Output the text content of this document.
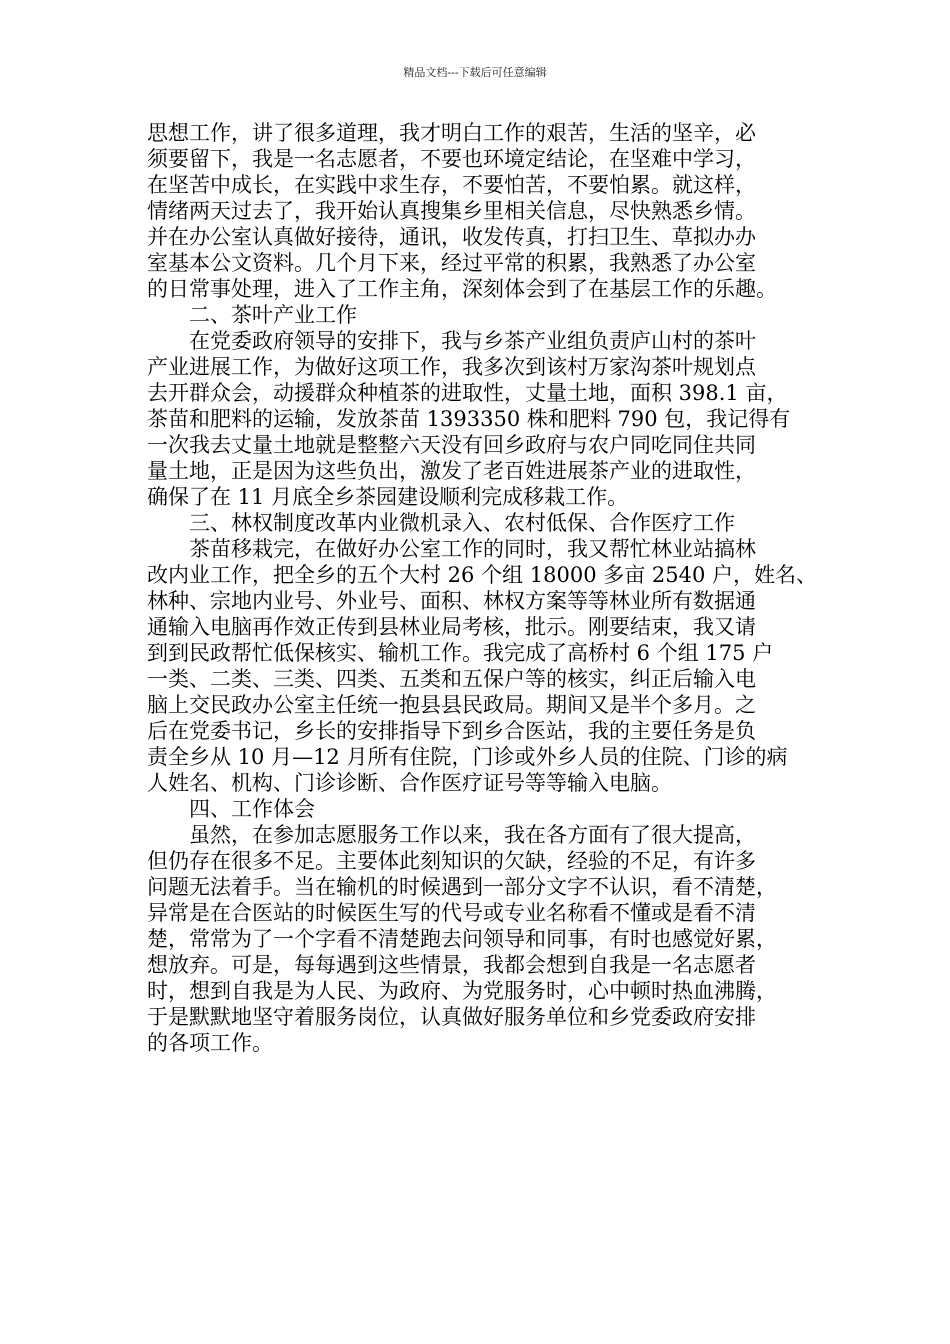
精品文档---下载后可任意编辑
思想工作，讲了很多道理，我才明白工作的艰苦，生活的坚辛，必
须要留下，我是一名志愿者，不要也环境定结论，在坚难中学习，
在坚苦中成长，在实践中求生存，不要怕苦，不要怕累。就这样，
情绪两天过去了，我开始认真搜集乡里相关信息，尽快熟悉乡情。
并在办公室认真做好接待，通讯，收发传真，打扫卫生、草拟办办
室基本公文资料。几个月下来，经过平常的积累，我熟悉了办公室
的日常事处理，进入了工作主角，深刻体会到了在基层工作的乐趣。
二、茶叶产业工作
在党委政府领导的安排下，我与乡茶产业组负责庐山村的茶叶
产业进展工作，为做好这项工作，我多次到该村万家沟茶叶规划点
去开群众会，动援群众种植茶的进取性，丈量土地，面积 398.1 亩，
茶苗和肥料的运输，发放茶苗 1393350 株和肥料 790 包，我记得有
一次我去丈量土地就是整整六天没有回乡政府与农户同吃同住共同
量土地，正是因为这些负出，激发了老百姓进展茶产业的进取性，
确保了在 11 月底全乡茶园建设顺利完成移栽工作。
三、林权制度改革内业微机录入、农村低保、合作医疗工作
茶苗移栽完，在做好办公室工作的同时，我又帮忙林业站搞林
改内业工作，把全乡的五个大村 26 个组 18000 多亩 2540 户，姓名、
林种、宗地内业号、外业号、面积、林权方案等等林业所有数据通
通输入电脑再作效正传到县林业局考核，批示。刚要结束，我又请
到到民政帮忙低保核实、输机工作。我完成了高桥村 6 个组 175 户
一类、二类、三类、四类、五类和五保户等的核实，纠正后输入电
脑上交民政办公室主任统一抱县县民政局。期间又是半个多月。之
后在党委书记，乡长的安排指导下到乡合医站，我的主要任务是负
责全乡从 10 月—12 月所有住院，门诊或外乡人员的住院、门诊的病
人姓名、机构、门诊诊断、合作医疗证号等等输入电脑。
四、工作体会
虽然，在参加志愿服务工作以来，我在各方面有了很大提高，
但仍存在很多不足。主要体此刻知识的欠缺，经验的不足，有许多
问题无法着手。当在输机的时候遇到一部分文字不认识，看不清楚，
异常是在合医站的时候医生写的代号或专业名称看不懂或是看不清
楚，常常为了一个字看不清楚跑去问领导和同事，有时也感觉好累，
想放弃。可是，每每遇到这些情景，我都会想到自我是一名志愿者
时，想到自我是为人民、为政府、为党服务时，心中顿时热血沸腾，
于是默默地坚守着服务岗位，认真做好服务单位和乡党委政府安排
的各项工作。
